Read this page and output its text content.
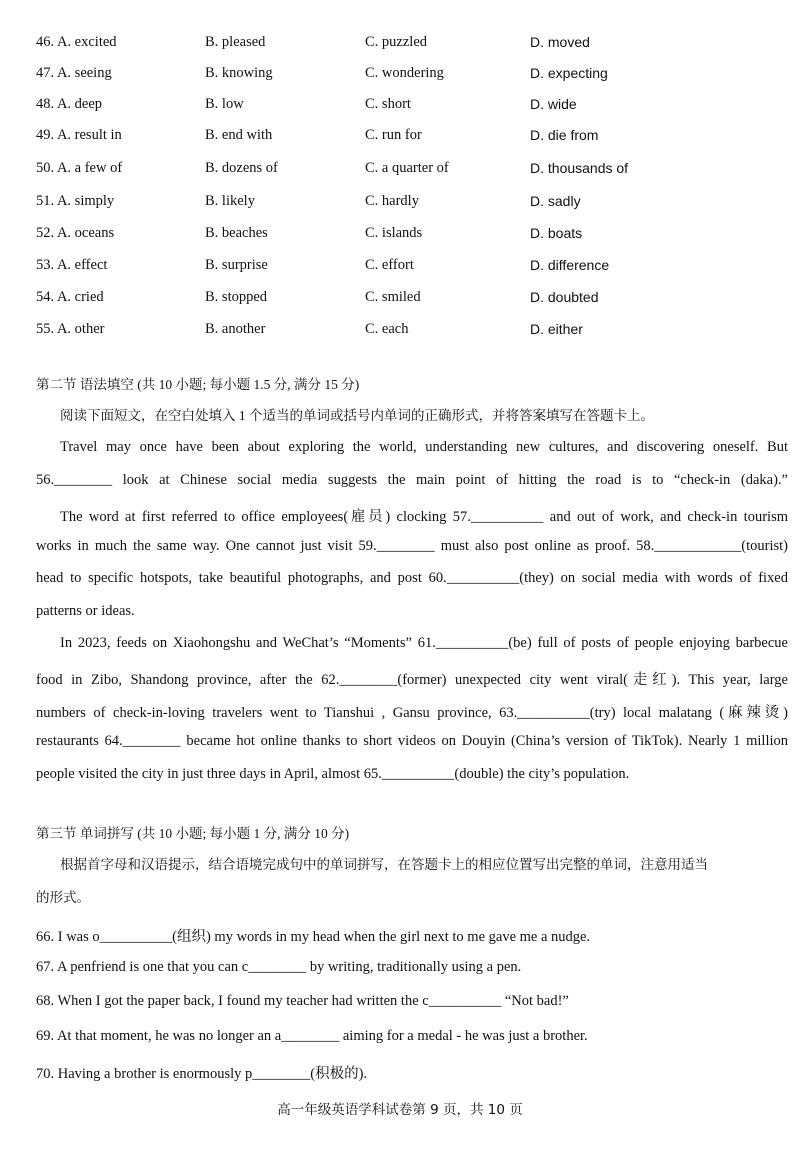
46. A. excited	B. pleased	C. puzzled	D. moved
47. A. seeing	B. knowing	C. wondering	D. expecting
48. A. deep	B. low	C. short	D. wide
49. A. result in	B. end with	C. run for	D. die from
50. A. a few of	B. dozens of	C. a quarter of	D. thousands of
51. A. simply	B. likely	C. hardly	D. sadly
52. A. oceans	B. beaches	C. islands	D. boats
53. A. effect	B. surprise	C. effort	D. difference
54. A. cried	B. stopped	C. smiled	D. doubted
55. A. other	B. another	C. each	D. either
第二节 语法填空 (共 10 小题; 每小题 1.5 分, 满分 15 分)
阅读下面短文，在空白处填入 1 个适当的单词或括号内单词的正确形式，并将答案填写在答题卡上。
Travel may once have been about exploring the world, understanding new cultures, and discovering oneself. But
56.________ look at Chinese social media suggests the main point of hitting the road is to “check-in (daka).”
The word at first referred to office employees(雇员) clocking 57.__________ and out of work, and check-in tourism
works in much the same way. One cannot just visit 59.________ must also post online as proof. 58.____________(tourist)
head to specific hotspots, take beautiful photographs, and post 60.__________(they) on social media with words of fixed
patterns or ideas.
In 2023, feeds on Xiaohongshu and WeChat’s “Moments” 61.__________(be) full of posts of people enjoying barbecue
food in Zibo, Shandong province, after the 62.________(former) unexpected city went viral(走红). This year, large
numbers of check-in-loving travelers went to Tianshui , Gansu province, 63.__________(try) local malatang (麻辣烫)
restaurants 64.________ became hot online thanks to short videos on Douyin (China’s version of TikTok). Nearly 1 million
people visited the city in just three days in April, almost 65.__________(double) the city’s population.
第三节 单词拼写 (共 10 小题; 每小题 1 分, 满分 10 分)
根据首字母和汉语提示，结合语境完成句中的单词拼写，在答题卡上的相应位置写出完整的单词，注意用适当
的形式。
66. I was o__________(组织) my words in my head when the girl next to me gave me a nudge.
67. A penfriend is one that you can c________ by writing, traditionally using a pen.
68. When I got the paper back, I found my teacher had written the c__________ “Not bad!”
69. At that moment, he was no longer an a________ aiming for a medal - he was just a brother.
70. Having a brother is enormously p________(积极的).
高一年级英语学科试卷第 9 页，共 10 页
